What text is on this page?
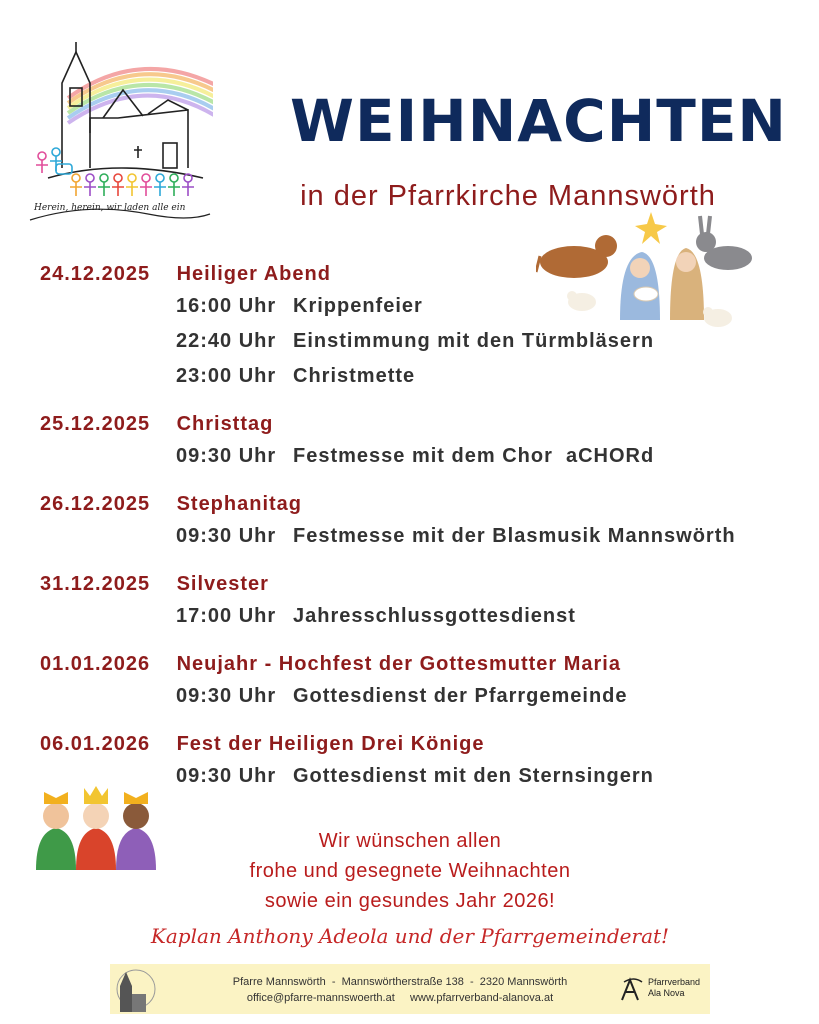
Herein, herein, wir laden alle ein
WEIHNACHTEN
in der Pfarrkirche Mannswörth
24.12.2025 Heiliger Abend
16:00 Uhr Krippenfeier
22:40 Uhr Einstimmung mit den Türmbläsern
23:00 Uhr Christmette
25.12.2025 Christtag
09:30 Uhr Festmesse mit dem Chor  aCHORd
26.12.2025 Stephanitag
09:30 Uhr Festmesse mit der Blasmusik Mannswörth
31.12.2025 Silvester
17:00 Uhr Jahresschlussgottesdienst
01.01.2026 Neujahr - Hochfest der Gottesmutter Maria
09:30 Uhr Gottesdienst der Pfarrgemeinde
06.01.2026 Fest der Heiligen Drei Könige
09:30 Uhr Gottesdienst mit den Sternsingern
Wir wünschen allen
frohe und gesegnete Weihnachten
sowie ein gesundes Jahr 2026!
Kaplan Anthony Adeola und der Pfarrgemeinderat!
Pfarre Mannswörth  -  Mannswörtherstraße 138  -  2320 Mannswörth
office@pfarre-mannswoerth.at     www.pfarrverband-alanova.at
Pfarrverband
Ala Nova
